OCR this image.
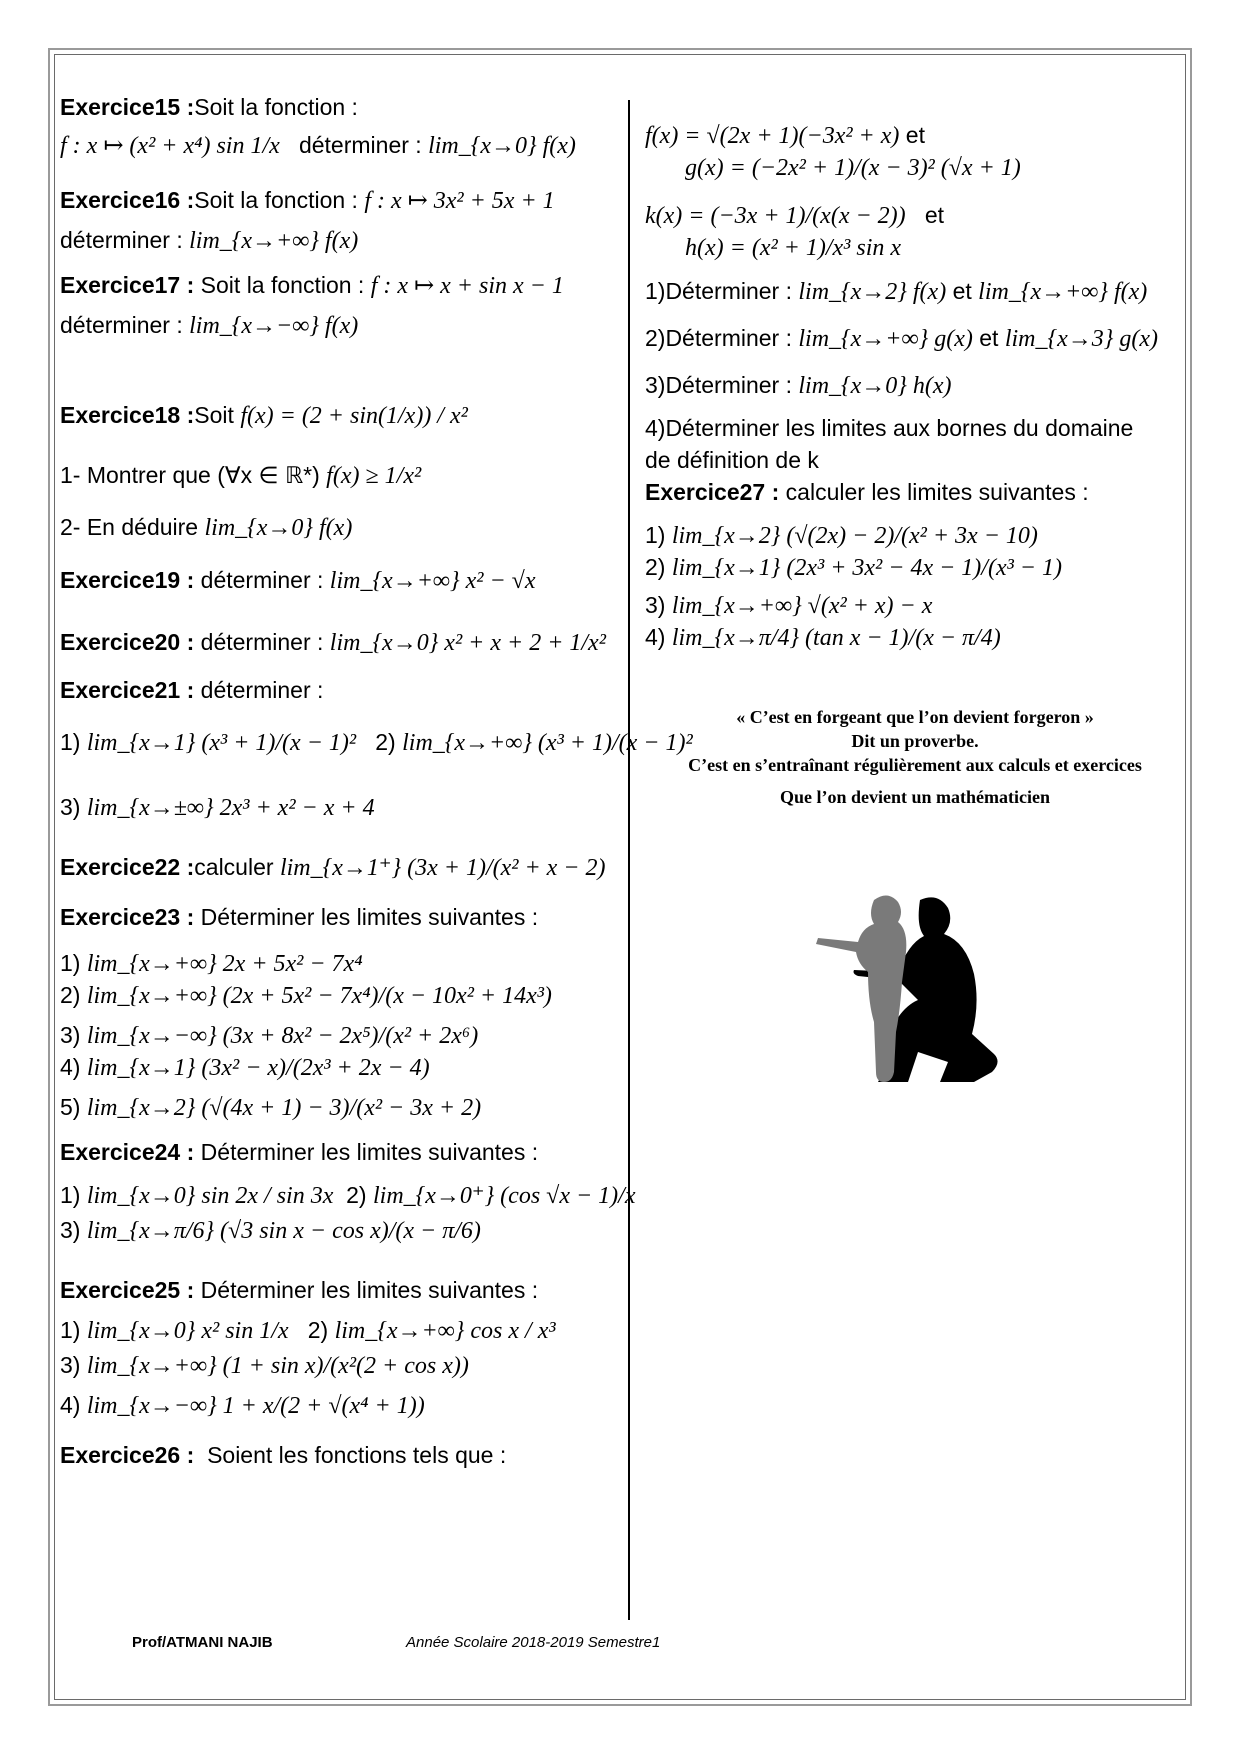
Exercice15 :Soit la fonction :
f : x ↦ (x² + x⁴) sin 1/x déterminer : lim_{x→0} f(x)
Exercice16 :Soit la fonction : f : x ↦ 3x² + 5x + 1
déterminer : lim_{x→+∞} f(x)
Exercice17 : Soit la fonction : f : x ↦ x + sin x − 1
déterminer : lim_{x→−∞} f(x)
Exercice18 :Soit f(x) = (2 + sin(1/x)) / x²
1- Montrer que (∀x ∈ ℝ*) f(x) ≥ 1/x²
2- En déduire lim_{x→0} f(x)
Exercice19 : déterminer : lim_{x→+∞} x² − √x
Exercice20 : déterminer : lim_{x→0} x² + x + 2 + 1/x²
Exercice21 : déterminer :
1) lim_{x→1} (x³ + 1)/(x − 1)² 2) lim_{x→+∞} (x³ + 1)/(x − 1)²
3) lim_{x→±∞} 2x³ + x² − x + 4
Exercice22 :calculer lim_{x→1⁺} (3x + 1)/(x² + x − 2)
Exercice23 : Déterminer les limites suivantes :
1) lim_{x→+∞} 2x + 5x² − 7x⁴
2) lim_{x→+∞} (2x + 5x² − 7x⁴)/(x − 10x² + 14x³)
3) lim_{x→−∞} (3x + 8x² − 2x⁵)/(x² + 2x⁶)
4) lim_{x→1} (3x² − x)/(2x³ + 2x − 4)
5) lim_{x→2} (√(4x + 1) − 3)/(x² − 3x + 2)
Exercice24 : Déterminer les limites suivantes :
1) lim_{x→0} sin 2x / sin 3x  2) lim_{x→0⁺} (cos √x − 1)/x
3) lim_{x→π/6} (√3 sin x − cos x)/(x − π/6)
Exercice25 : Déterminer les limites suivantes :
1) lim_{x→0} x² sin 1/x   2) lim_{x→+∞} cos x / x³
3) lim_{x→+∞} (1 + sin x)/(x²(2 + cos x))
4) lim_{x→−∞} 1 + x/(2 + √(x⁴ + 1))
Exercice26 : Soient les fonctions tels que :
f(x) = √(2x + 1)(−3x² + x) et
g(x) = (−2x² + 1)/(x − 3)² (√x + 1)
k(x) = (−3x + 1)/(x(x − 2)) et
h(x) = (x² + 1)/x³ sin x
1)Déterminer : lim_{x→2} f(x) et lim_{x→+∞} f(x)
2)Déterminer : lim_{x→+∞} g(x) et lim_{x→3} g(x)
3)Déterminer : lim_{x→0} h(x)
4)Déterminer les limites aux bornes du domaine
de définition de k
Exercice27 : calculer les limites suivantes :
1) lim_{x→2} (√(2x) − 2)/(x² + 3x − 10)
2) lim_{x→1} (2x³ + 3x² − 4x − 1)/(x³ − 1)
3) lim_{x→+∞} √(x² + x) − x
4) lim_{x→π/4} (tan x − 1)/(x − π/4)
« C’est en forgeant que l’on devient forgeron »
Dit un proverbe.
C’est en s’entraînant régulièrement aux calculs et exercices
Que l’on devient un mathématicien
Prof/ATMANI NAJIB	Année Scolaire 2018-2019 Semestre1
